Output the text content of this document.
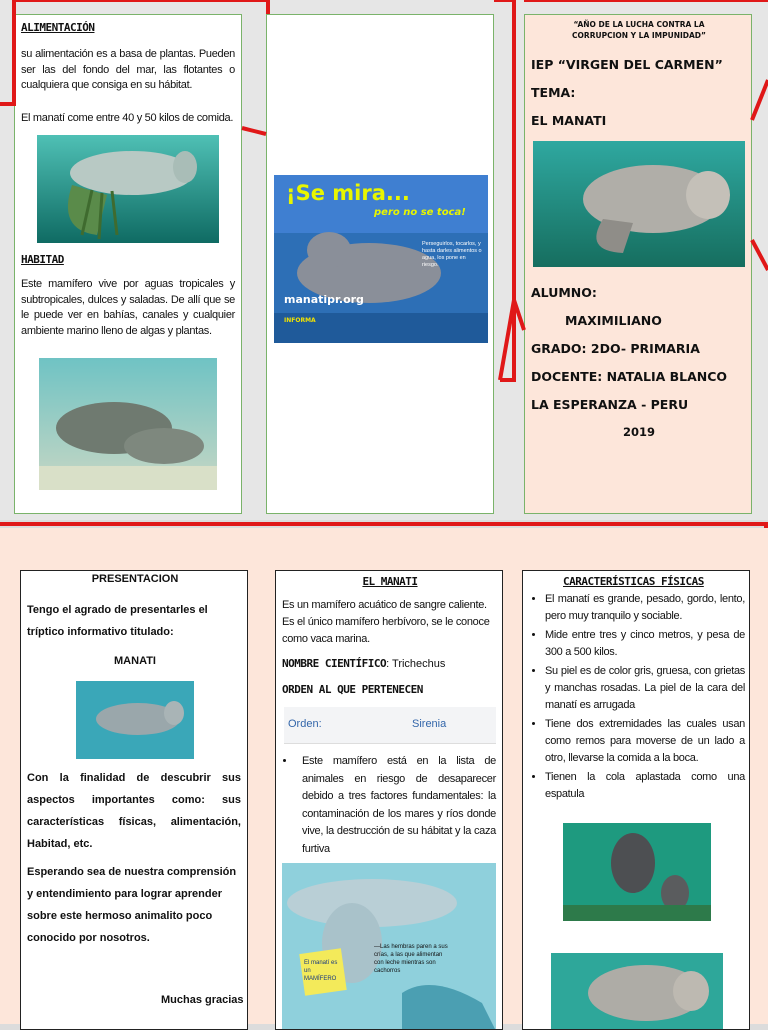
ALIMENTACIÓN
su alimentación es a basa de plantas. Pueden ser las del fondo del mar, las flotantes o cualquiera que consiga en su hábitat.
El manatí come entre 40 y 50 kilos de comida.
HABITAD
Este mamífero vive por aguas tropicales y subtropicales, dulces y saladas. De allí que se le puede ver en bahías, canales y cualquier ambiente marino lleno de algas y plantas.
¡Se mira...
pero no se toca!
Perseguirlos, tocarlos, y hasta darles alimentos o agua, los pone en riesgo.
manatipr.org
INFORMA
“AÑO DE LA LUCHA CONTRA LA CORRUPCION Y LA IMPUNIDAD”
IEP “VIRGEN DEL CARMEN”
TEMA:
EL MANATI
ALUMNO:
MAXIMILIANO
GRADO: 2DO- PRIMARIA
DOCENTE: NATALIA BLANCO
LA ESPERANZA - PERU
2019
PRESENTACION
Tengo el agrado de presentarles el tríptico informativo titulado:
MANATI
Con la finalidad de descubrir sus aspectos importantes como: sus características físicas, alimentación, Habitad, etc.
Esperando sea de nuestra comprensión y entendimiento para lograr aprender sobre este hermoso animalito poco conocido por nosotros.
Muchas gracias
EL MANATI
Es un mamífero acuático de sangre caliente. Es el único mamífero herbívoro, se le conoce como vaca marina.
NOMBRE CIENTÍFICO: Trichechus
ORDEN AL QUE PERTENECEN
Orden:	Sirenia
• Este mamífero está en la lista de animales en riesgo de desaparecer debido a tres factores fundamentales: la contaminación de los mares y ríos donde vive, la destrucción de su hábitat y la caza furtiva
El manatí es un MAMÍFERO
—Las hembras paren a sus crías, a las que alimentan con leche mientras son cachorros
CARACTERÍSTICAS FÍSICAS
• El manatí es grande, pesado, gordo, lento, pero muy tranquilo y sociable.
• Mide entre tres y cinco metros, y pesa de 300 a 500 kilos.
• Su piel es de color gris, gruesa, con grietas y manchas rosadas. La piel de la cara del manatí es arrugada
• Tiene dos extremidades las cuales usan como remos para moverse de un lado a otro, llevarse la comida a la boca.
• Tienen la cola aplastada como una espatula
